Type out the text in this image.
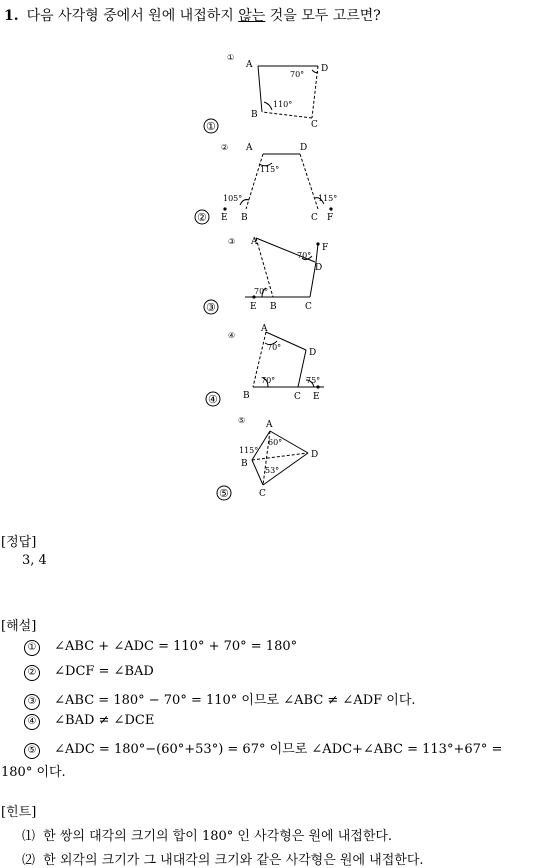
1. 다음 사각형 중에서 원에 내접하지 않는 것을 모두 고르면?
①
A
B
C
D
70°
110°
② A	D
E B	C F
115°
105°	115°
③ A
F
D
E B	C
70°
70°
④
A
D
B	C E
70°
70°	75°
⑤ A
B
C
D
115°
60°
53°
①
②
③
④
⑤
[정답]
3, 4
[해설]
① ∠ABC + ∠ADC = 110° + 70° = 180°
② ∠DCF = ∠BAD
③ ∠ABC = 180° − 70° = 110° 이므로 ∠ABC ≠ ∠ADF 이다.
④ ∠BAD ≠ ∠DCE
⑤ ∠ADC = 180°−(60°+53°) = 67° 이므로 ∠ADC+∠ABC = 113°+67° =
180° 이다.
[힌트]
⑴ 한 쌍의 대각의 크기의 합이 180° 인 사각형은 원에 내접한다.
⑵ 한 외각의 크기가 그 내대각의 크기와 같은 사각형은 원에 내접한다.
